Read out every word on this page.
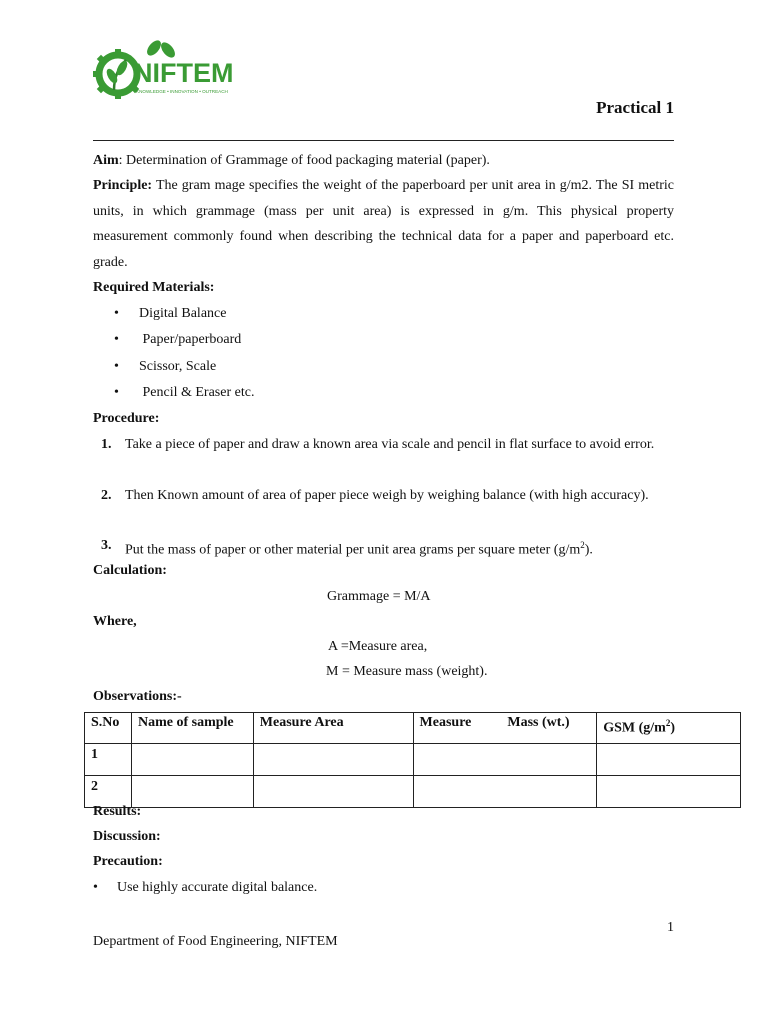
NIFTEM
KNOWLEDGE • INNOVATION • OUTREACH
Practical 1

Aim: Determination of Grammage of food packaging material (paper).

Principle: The gram mage specifies the weight of the paperboard per unit area in g/m2. The SI metric units, in which grammage (mass per unit area) is expressed in g/m. This physical property measurement commonly found when describing the technical data for a paper and paperboard etc. grade.

Required Materials:

• Digital Balance
• Paper/paperboard
• Scissor, Scale
• Pencil & Eraser etc.

Procedure:

1. Take a piece of paper and draw a known area via scale and pencil in flat surface to avoid error.

2. Then Known amount of area of paper piece weigh by weighing balance (with high accuracy).

3. Put the mass of paper or other material per unit area grams per square meter $(g/m^2)$.

Calculation:

Grammage = M/A

Where,

A =Measure area,
M = Measure mass (weight).

Observations:-

S.No	Name of sample	Measure Area	Measure Mass (wt.)	GSM $(g/m^2)$
1				
2				

Results:

Discussion:

Precaution:

• Use highly accurate digital balance.
1
Department of Food Engineering, NIFTEM
